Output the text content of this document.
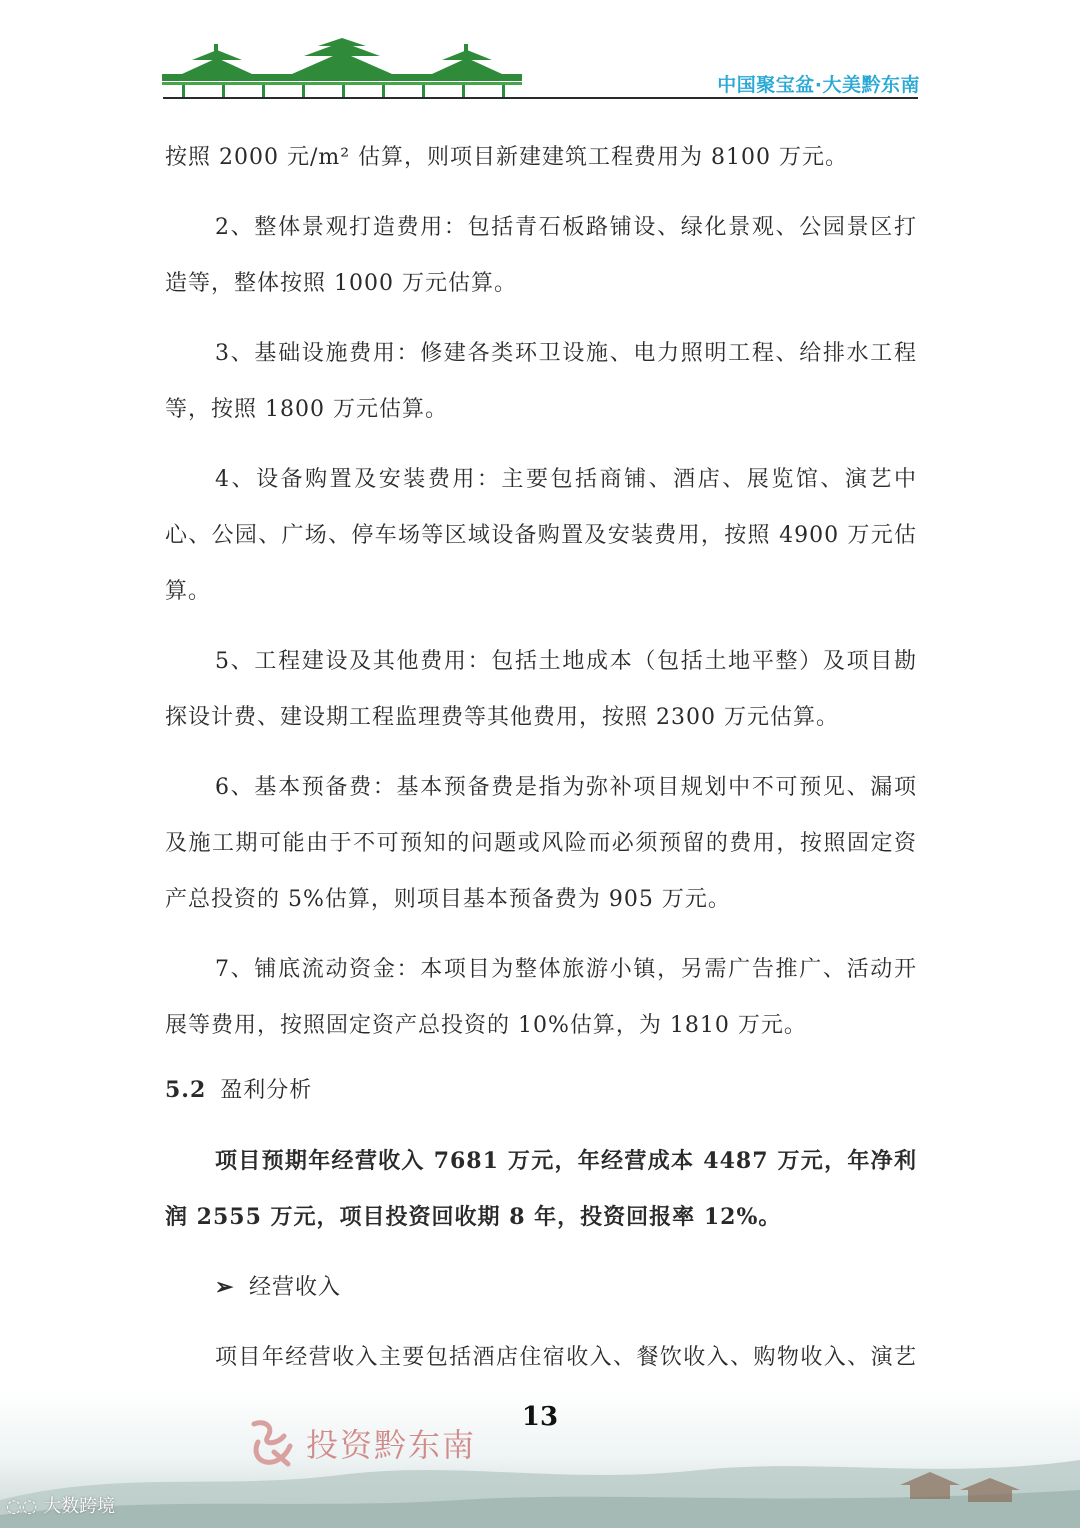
中国聚宝盆·大美黔东南

按照 2000 元/m² 估算，则项目新建建筑工程费用为 8100 万元。

2、整体景观打造费用：包括青石板路铺设、绿化景观、公园景区打造等，整体按照 1000 万元估算。

3、基础设施费用：修建各类环卫设施、电力照明工程、给排水工程等，按照 1800 万元估算。

4、设备购置及安装费用：主要包括商铺、酒店、展览馆、演艺中心、公园、广场、停车场等区域设备购置及安装费用，按照 4900 万元估算。

5、工程建设及其他费用：包括土地成本（包括土地平整）及项目勘探设计费、建设期工程监理费等其他费用，按照 2300 万元估算。

6、基本预备费：基本预备费是指为弥补项目规划中不可预见、漏项及施工期可能由于不可预知的问题或风险而必须预留的费用，按照固定资产总投资的 5%估算，则项目基本预备费为 905 万元。

7、铺底流动资金：本项目为整体旅游小镇，另需广告推广、活动开展等费用，按照固定资产总投资的 10%估算，为 1810 万元。

5.2 盈利分析

项目预期年经营收入 7681 万元，年经营成本 4487 万元，年净利润 2555 万元，项目投资回收期 8 年，投资回报率 12%。

➢ 经营收入

项目年经营收入主要包括酒店住宿收入、餐饮收入、购物收入、演艺

13
投资黔东南
◌◌ 大数跨境
